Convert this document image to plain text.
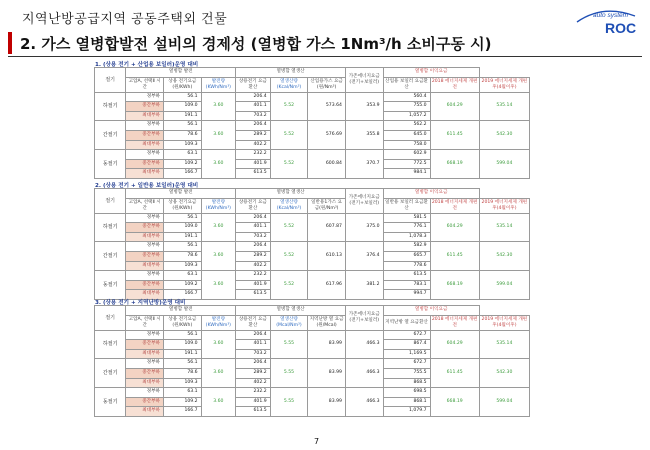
지역난방공급지역 공동주택외 건물	auto system
ROC
2. 가스 열병합발전 설비의 경제성 (열병합 가스 1Nm³/h 소비구동 시)
1. (상용 전기 + 산업용 보일러)운영 대비
절기	열병합 발전			열병합 열생산			가존에너지요금 (전기+보일러)	열병합 이익요금		
	고압A, 선택Ⅱ 시간	상용 전기요금 (원/KWh)	발전량 (KWh/Nm³)	상용전기 요금 환산	열생산량 (Kcal/Nm³)	산업용가스 요금(원/Nm³)		산업용 보일러 요금환산	2018 에너지세제 개편 전	2019 에너지세제 개편 후(4월이후)
하절기	경부하	56.1	3.60	206.4	5.52	573.64	353.9	560.4	604.29	535.14
	중간부하	109.0		401.1				755.0		
	최대부하	191.1		703.2				1,057.2		
간절기	경부하	56.1	3.60	206.4	5.52	576.69	355.8	562.2	611.45	542.30
	중간부하	78.6		289.2				645.0		
	최대부하	109.3		402.2				758.0		
동절기	경부하	63.1	3.60	232.2	5.52	600.84	370.7	602.9	668.19	599.04
	중간부하	109.2		401.9				772.5		
	최대부하	166.7		613.5				984.1		
2. (상용 전기 + 일반용 보일러)운영 대비
절기	열병합 발전			열병합 열생산			가존에너지요금 (전기+보일러)	열병합 이익요금		
	고압A, 선택Ⅱ 시간	상용 전기요금 (원/KWh)	발전량 (KWh/Nm³)	상용전기 요금 환산	열생산량 (Kcal/Nm³)	일반용1가스 요금(원/Nm³)		일반용 보일러 요금환산	2018 에너지세제 개편 전	2019 에너지세제 개편 후(4월이후)
하절기	경부하	56.1	3.60	206.4	5.52	607.87	375.0	581.5	604.29	535.14
	중간부하	109.0		401.1				776.1		
	최대부하	191.1		703.2				1,078.3		
간절기	경부하	56.1	3.60	206.4	5.52	610.13	376.4	582.9	611.45	542.30
	중간부하	78.6		289.2				665.7		
	최대부하	109.3		402.2				778.6		
동절기	경부하	63.1	3.60	232.2	5.52	617.96	381.2	613.5	668.19	599.04
	중간부하	109.2		401.9				783.1		
	최대부하	166.7		613.5				994.7		
3. (상용 전기 + 지역난방)운영 대비
절기	열병합 발전			열병합 열생산			가존에너지요금 (전기+보일러)	열병합 이익요금		
	고압A, 선택Ⅱ 시간	상용 전기요금 (원/KWh)	발전량 (KWh/Nm³)	상용전기 요금 환산	열생산량 (Mcal/Nm³)	지역난방 열 요금(원/Mcal)		지역난방 열 요금환산	2018 에너지세제 개편 전	2019 에너지세제 개편 후(4월이후)
하절기	경부하	56.1	3.60	206.4	5.55	83.99	466.3	672.7	604.29	535.14
	중간부하	109.0		401.1				867.4		
	최대부하	191.1		703.2				1,169.5		
간절기	경부하	56.1	3.60	206.4	5.55	83.99	466.3	672.7	611.45	542.30
	중간부하	78.6		289.2				755.5		
	최대부하	109.3		402.2				868.5		
동절기	경부하	63.1	3.60	232.2	5.55	83.99	466.3	698.5	668.19	599.04
	중간부하	109.2		401.9				868.1		
	최대부하	166.7		613.5				1,079.7		
7
